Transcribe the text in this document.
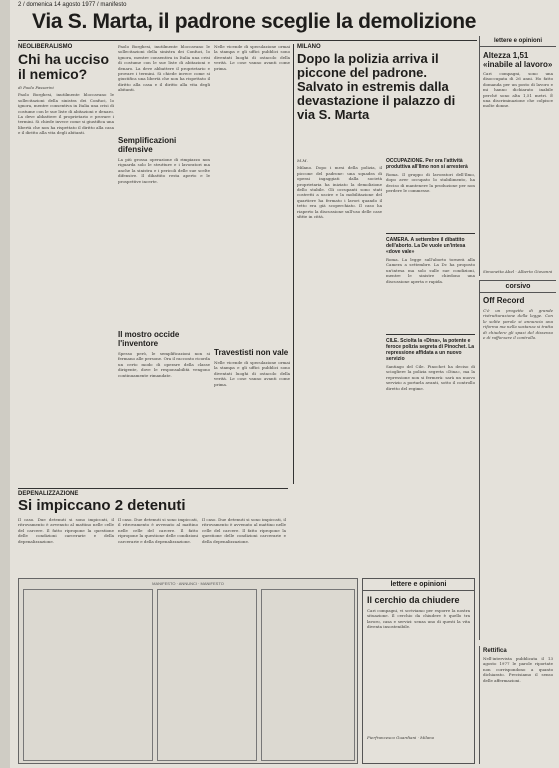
2 / domenica 14 agosto 1977 / manifesto
Via S. Marta, il padrone sceglie la demolizione
NEOLIBERALISMO
Chi ha ucciso il nemico?
di Paolo Fassarini
Paolo Borghesi, inutilmente bloccavano le sollecitazioni della sinistra dei Confuci, lo ignora, mentre consentiva in Italia una crisi di costume con le sue liste di abitazioni e denaro. La deve abbattere il proprietario e provare i termini. Si chiede invece come si giustifica una libertà che non ha rispettato il diritto alla casa e il diritto alla vita degli abitanti.
Paolo Borghesi, inutilmente bloccavano le sollecitazioni della sinistra dei Confuci, lo ignora, mentre consentiva in Italia una crisi di costume con le sue liste di abitazioni e denaro. La deve abbattere il proprietario e provare i termini. Si chiede invece come si giustifica una libertà che non ha rispettato il diritto alla casa e il diritto alla vita degli abitanti.
Semplificazioni difensive
La più grossa operazione di rimpiazzo non riguarda solo le strutture e i lavoratori ma anche la sinistra e i pericoli delle sue scelte difensive. Il dibattito resta aperto e le prospettive incerte.
Il mostro occide l'inventore
Spesso però, le semplificazioni non si fermano alle persone. Ora il racconto ricorda un certo modo di operare della classe dirigente, dove le responsabilità vengono continuamente rimandate.
Nelle vicende di speculazione ormai la stampa e gli uffici pubblici sono diventati luoghi di ostacolo della verità. Le cose vanno avanti come prima.
Travestisti non vale
Nelle vicende di speculazione ormai la stampa e gli uffici pubblici sono diventati luoghi di ostacolo della verità. Le cose vanno avanti come prima.
MILANO
Dopo la polizia arriva il piccone del padrone. Salvato in estremis dalla devastazione il palazzo di via S. Marta
M.M.
Milano. Dopo i mesi della polizia, il piccone del padrone: una squadra di operai ingaggiati dalla società proprietaria ha iniziato la demolizione dello stabile. Gli occupanti sono stati costretti a uscire e la mobilitazione del quartiere ha fermato i lavori quando il tetto era già scoperchiato. Il caso ha riaperto la discussione sull'uso delle case sfitte in città.
OCCUPAZIONE. Per ora l'attività produttiva all'Ilmo non si arresterà
Roma. Il gruppo di lavoratori dell'Ilmo, dopo aver occupato lo stabilimento, ha deciso di mantenere la produzione per non perdere le commesse.
CAMERA. A settembre il dibattito dell'aborto. La De vuole un'intesa «dove vale»
Roma. La legge sull'aborto tornerà alla Camera a settembre. La Dc ha proposto un'intesa ma solo sulle sue condizioni, mentre le sinistre chiedono una discussione aperta e rapida.
CILE. Sciolta la «Dina», la potente e feroce polizia segreta di Pinochet. La repressione affidata a un nuovo servizio
Santiago del Cile. Pinochet ha deciso di sciogliere la polizia segreta «Dina», ma la repressione non si fermerà: sarà un nuovo servizio a portarla avanti, sotto il controllo diretto del regime.
lettere e opinioni
Altezza 1,51 «inabile al lavoro»
Cari compagni, sono una disoccupata di 26 anni. Ho fatto domanda per un posto di lavoro e mi hanno dichiarato inabile perché sono alta 1,51 metri. È una discriminazione che colpisce molte donne.
Simonetta Abel · Alberto Giovanni
corsivo
Off Record
C'è un progetto di grande ristrutturazione della legge. Con le solite parole si annuncia una riforma ma nella sostanza si tratta di chiudere gli spazi del dissenso e di rafforzare il controllo.
Rettifica
Nell'intervista pubblicata il 13 agosto 1977 le parole riportate non corrispondono a quanto dichiarato. Precisiamo il senso delle affermazioni.
DEPENALIZZAZIONE
Si impiccano 2 detenuti
Il caso. Due detenuti si sono impiccati, il ritrovamento è avvenuto al mattino nelle celle del carcere. Il fatto ripropone la questione delle condizioni carcerarie e della depenalizzazione.
Il caso. Due detenuti si sono impiccati, il ritrovamento è avvenuto al mattino nelle celle del carcere. Il fatto ripropone la questione delle condizioni carcerarie e della depenalizzazione.
Il caso. Due detenuti si sono impiccati, il ritrovamento è avvenuto al mattino nelle celle del carcere. Il fatto ripropone la questione delle condizioni carcerarie e della depenalizzazione.
MANIFESTO · ANNUNCI · MANIFESTO	lettere e opinioni
Il cerchio da chiudere
Cari compagni, vi scriviamo per esporre la nostra situazione. Il cerchio da chiudere è quello tra lavoro, casa e servizi: senza uno di questi la vita diventa insostenibile.
Pierfrancesco Guardiani · Milano
